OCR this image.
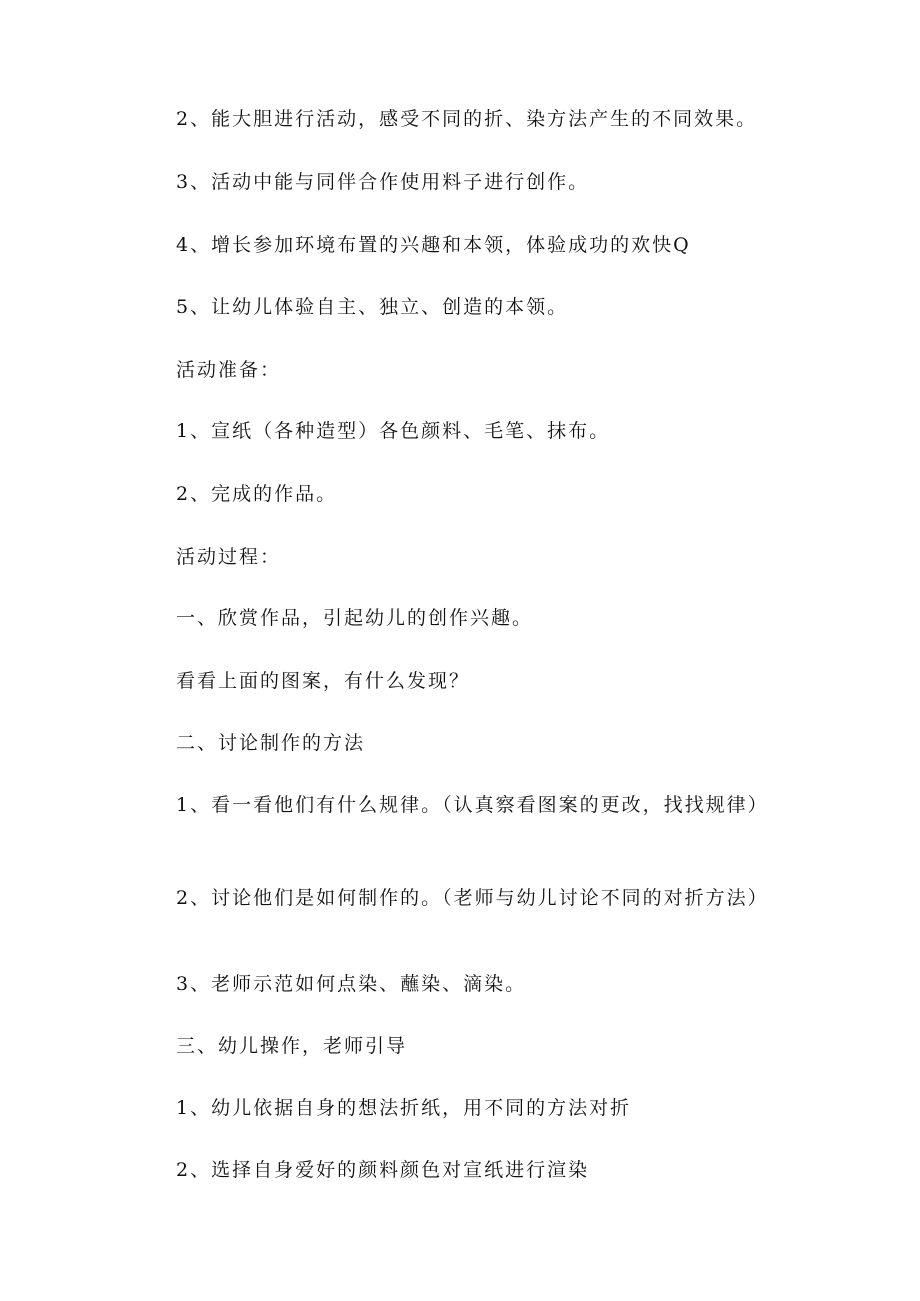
2、能大胆进行活动，感受不同的折、染方法产生的不同效果。

3、活动中能与同伴合作使用料子进行创作。

4、增长参加环境布置的兴趣和本领，体验成功的欢快Q

5、让幼儿体验自主、独立、创造的本领。

活动准备：

1、宣纸（各种造型）各色颜料、毛笔、抹布。

2、完成的作品。

活动过程：

一、欣赏作品，引起幼儿的创作兴趣。

看看上面的图案，有什么发现？

二、讨论制作的方法

1、看一看他们有什么规律。（认真察看图案的更改，找找规律）

2、讨论他们是如何制作的。（老师与幼儿讨论不同的对折方法）

3、老师示范如何点染、蘸染、滴染。

三、幼儿操作，老师引导

1、幼儿依据自身的想法折纸，用不同的方法对折

2、选择自身爱好的颜料颜色对宣纸进行渲染
